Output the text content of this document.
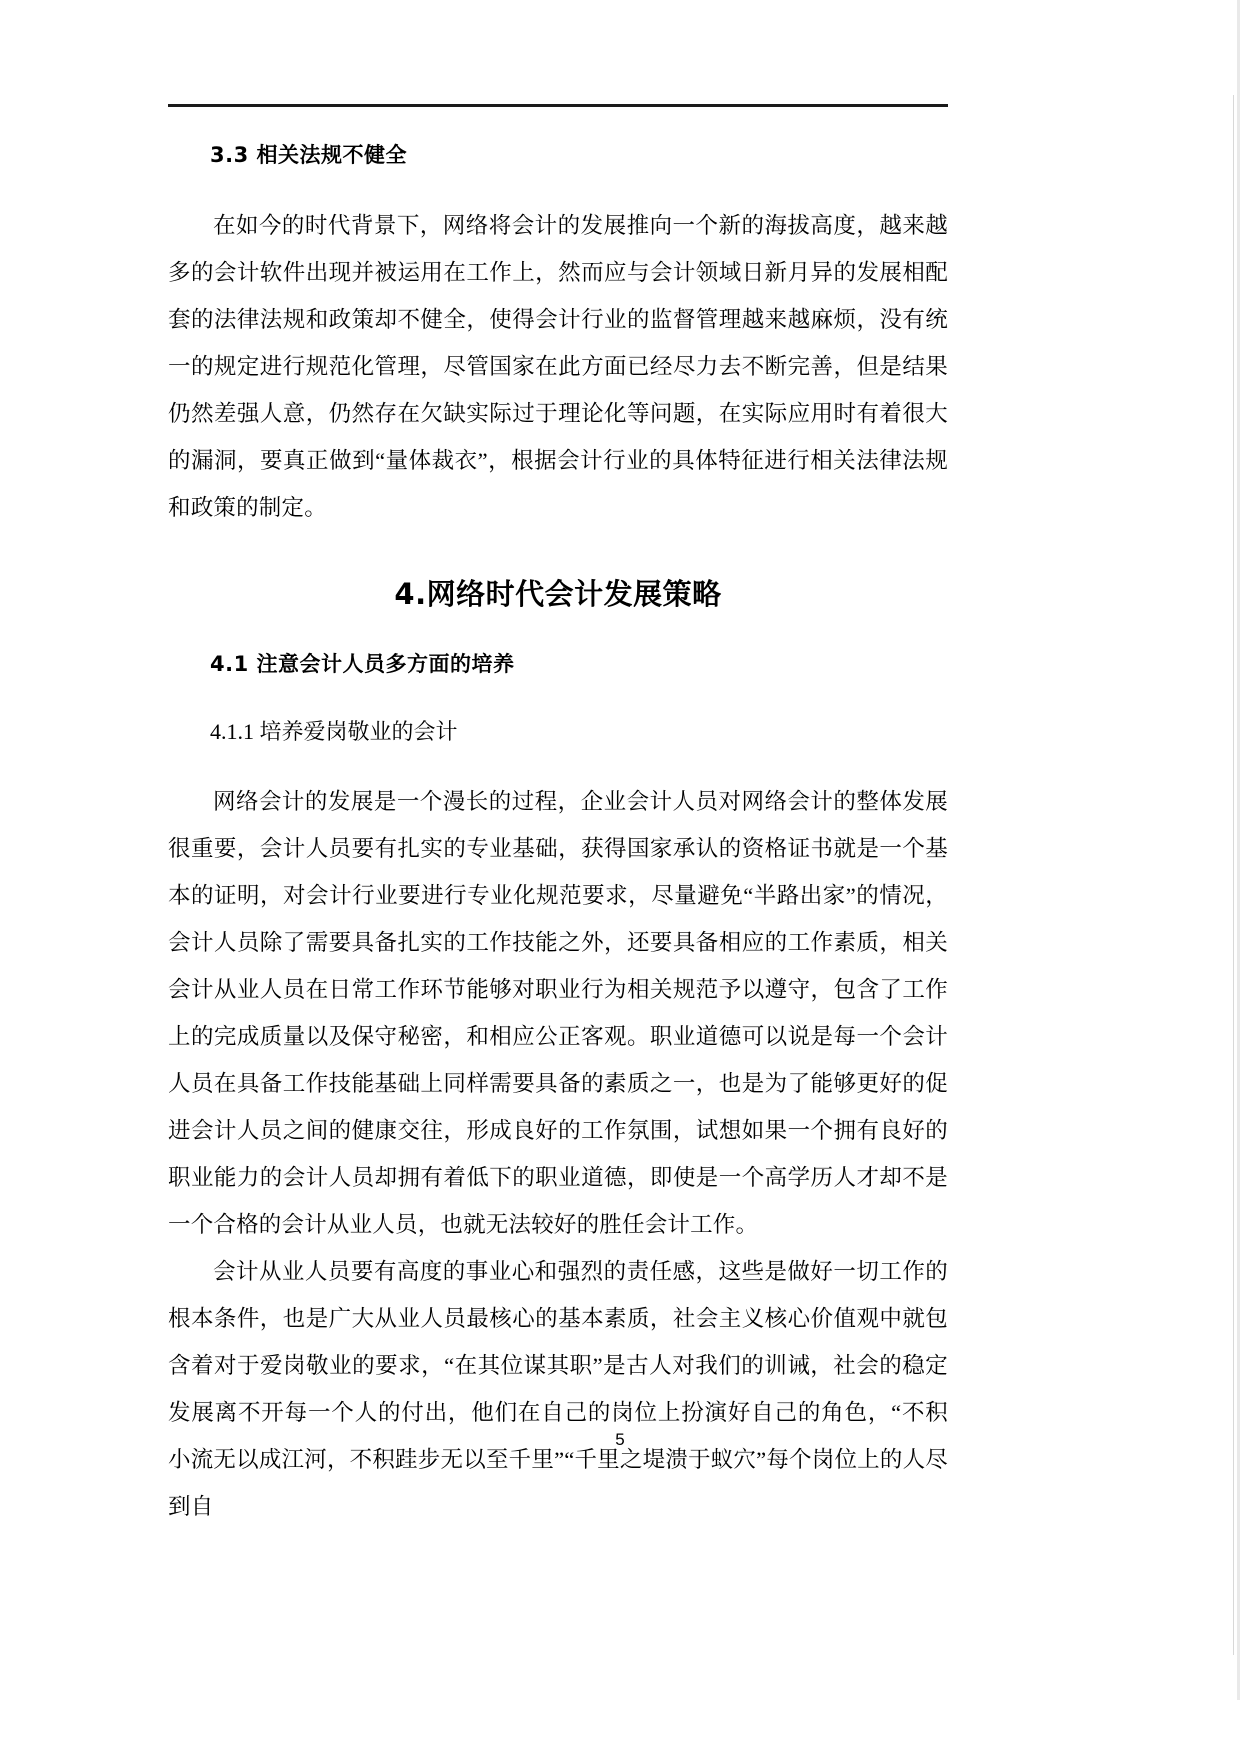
3.3 相关法规不健全

在如今的时代背景下，网络将会计的发展推向一个新的海拔高度，越来越多的会计软件出现并被运用在工作上，然而应与会计领域日新月异的发展相配套的法律法规和政策却不健全，使得会计行业的监督管理越来越麻烦，没有统一的规定进行规范化管理，尽管国家在此方面已经尽力去不断完善，但是结果仍然差强人意，仍然存在欠缺实际过于理论化等问题，在实际应用时有着很大的漏洞，要真正做到“量体裁衣”，根据会计行业的具体特征进行相关法律法规和政策的制定。

4.网络时代会计发展策略
4.1 注意会计人员多方面的培养
4.1.1 培养爱岗敬业的会计

网络会计的发展是一个漫长的过程，企业会计人员对网络会计的整体发展很重要，会计人员要有扎实的专业基础，获得国家承认的资格证书就是一个基本的证明，对会计行业要进行专业化规范要求，尽量避免“半路出家”的情况，会计人员除了需要具备扎实的工作技能之外，还要具备相应的工作素质，相关会计从业人员在日常工作环节能够对职业行为相关规范予以遵守，包含了工作上的完成质量以及保守秘密，和相应公正客观。职业道德可以说是每一个会计人员在具备工作技能基础上同样需要具备的素质之一，也是为了能够更好的促进会计人员之间的健康交往，形成良好的工作氛围，试想如果一个拥有良好的职业能力的会计人员却拥有着低下的职业道德，即使是一个高学历人才却不是一个合格的会计从业人员，也就无法较好的胜任会计工作。

会计从业人员要有高度的事业心和强烈的责任感，这些是做好一切工作的根本条件，也是广大从业人员最核心的基本素质，社会主义核心价值观中就包含着对于爱岗敬业的要求，“在其位谋其职”是古人对我们的训诫，社会的稳定发展离不开每一个人的付出，他们在自己的岗位上扮演好自己的角色，“不积小流无以成江河，不积跬步无以至千里”“千里之堤溃于蚁穴”每个岗位上的人尽到自

5
